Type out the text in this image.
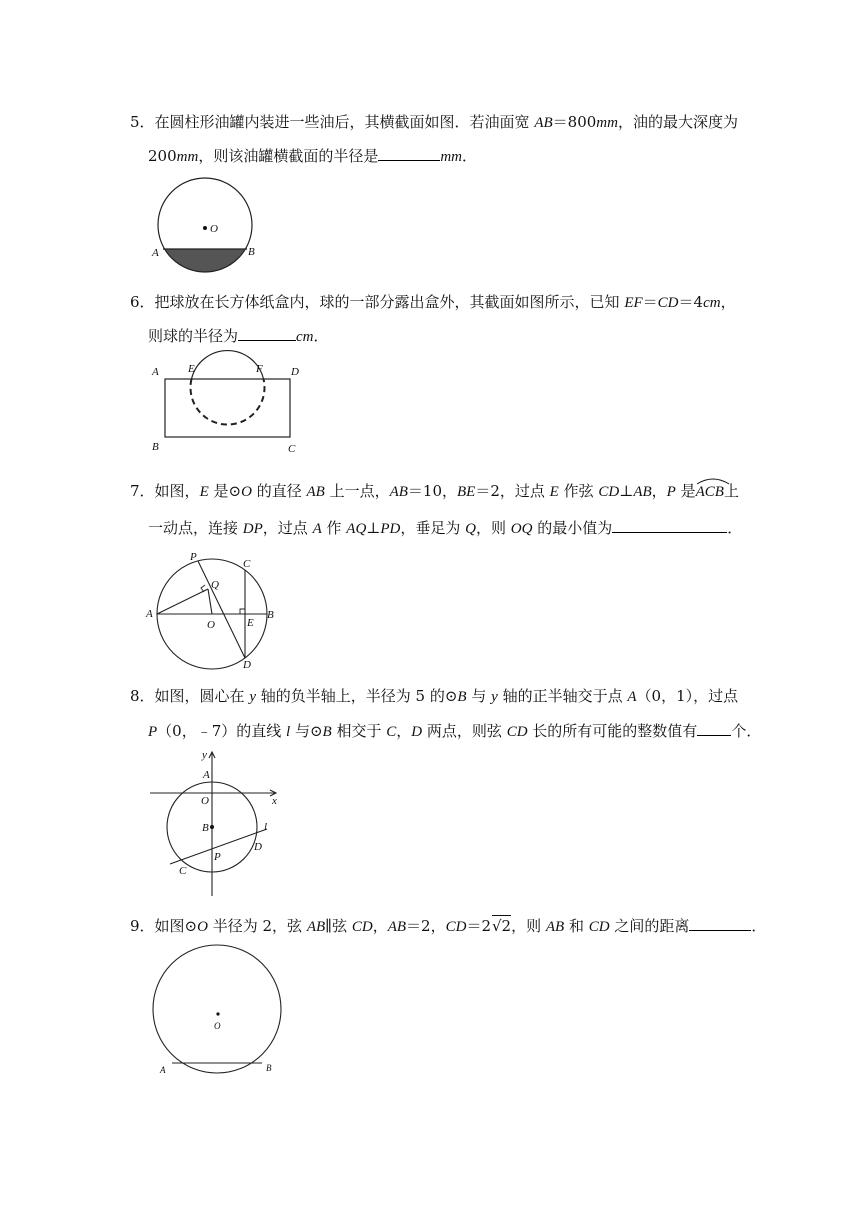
5．在圆柱形油罐内装进一些油后，其横截面如图．若油面宽 AB＝800mm，油的最大深度为
200mm，则该油罐横截面的半径是	mm．
O
A	B
6．把球放在长方体纸盒内，球的一部分露出盒外，其截面如图所示，已知 EF＝CD＝4cm，
则球的半径为	cm．
A	E	F	D
B	C
7．如图，E 是⊙O 的直径 AB 上一点，AB＝10，BE＝2，过点 E 作弦 CD⊥AB，P 是ACB
上
一动点，连接 DP，过点 A 作 AQ⊥PD，垂足为 Q，则 OQ 的最小值为	．
P
C
Q
A
O	E
B
D
8．如图，圆心在 y 轴的负半轴上，半径为 5 的⊙B 与 y 轴的正半轴交于点 A（0，1），过点
P（0，﹣7）的直线 l 与⊙B 相交于 C，D 两点，则弦 CD 长的所有可能的整数值有 个．
y
A
O	x
B	l
D
P
C
9．如图⊙O 半径为 2，弦 AB∥弦 CD，AB＝2，CD＝2√2，则 AB 和 CD 之间的距离	．
O
A	B
